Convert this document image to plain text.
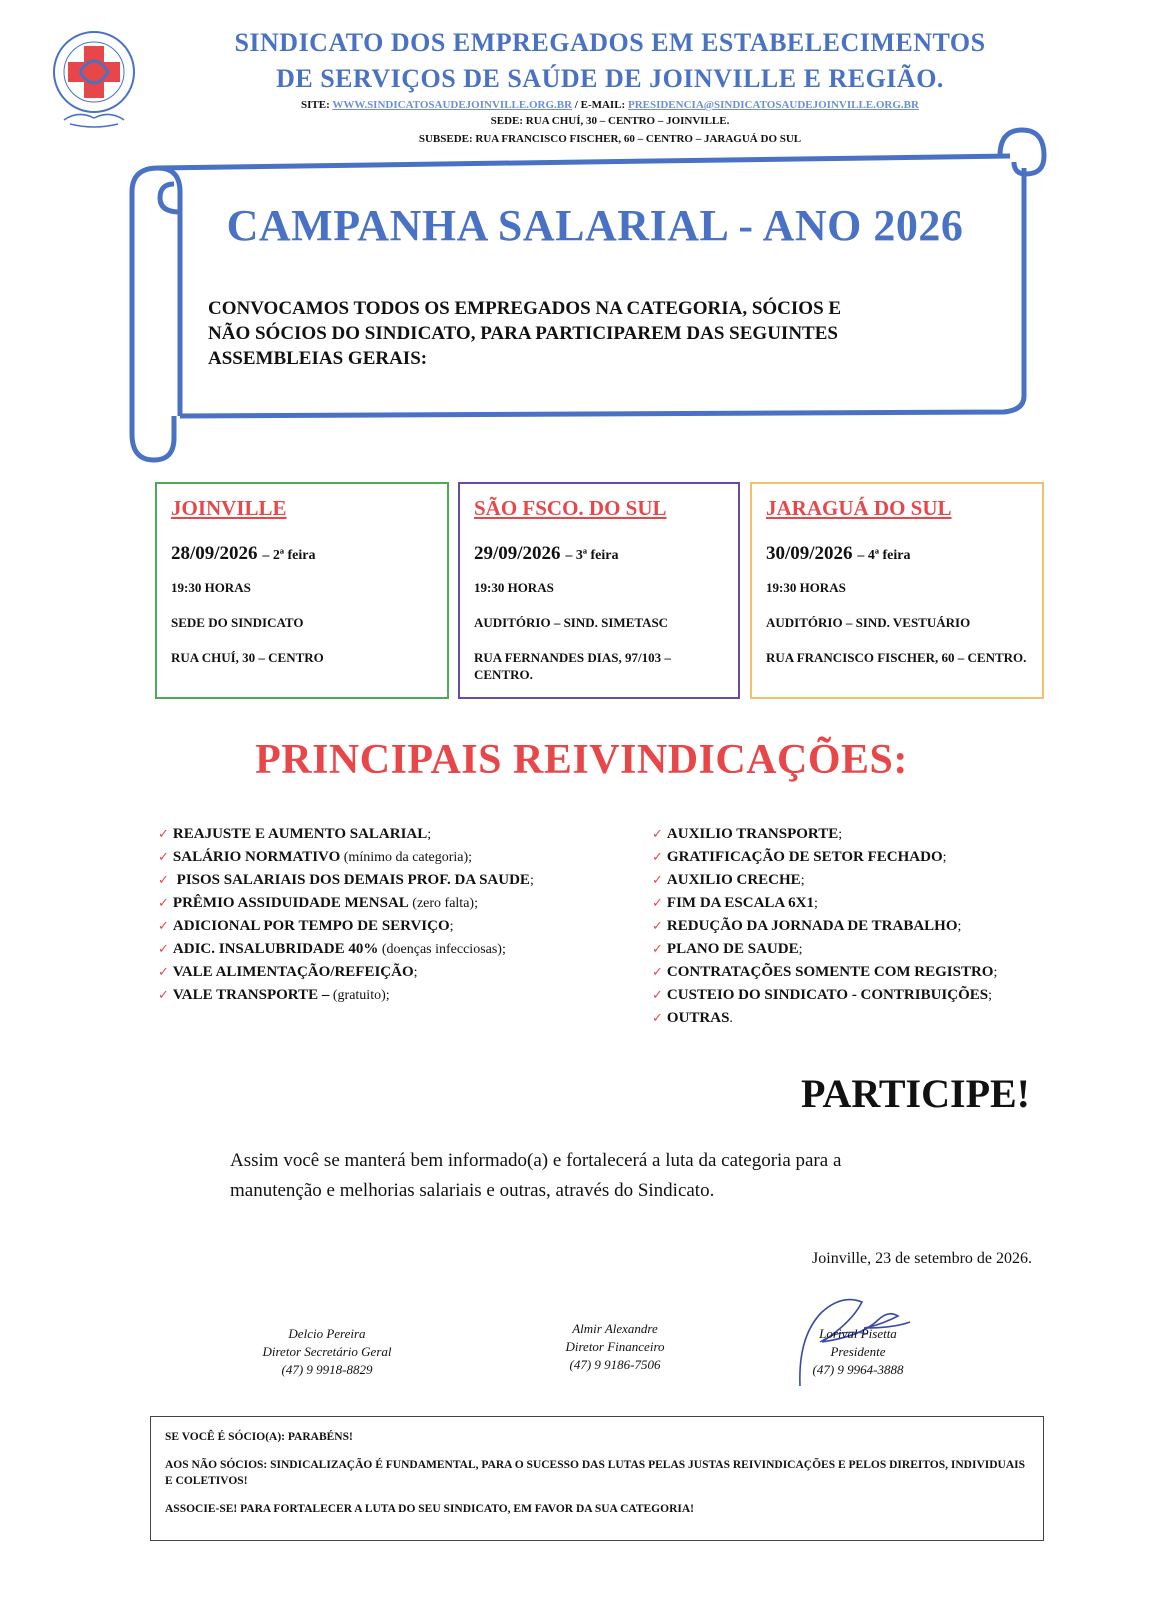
SINDICATO DOS EMPREGADOS EM ESTABELECIMENTOS
DE SERVIÇOS DE SAÚDE DE JOINVILLE E REGIÃO.
SITE: WWW.SINDICATOSAUDEJOINVILLE.ORG.BR / E-MAIL: PRESIDENCIA@SINDICATOSAUDEJOINVILLE.ORG.BR
SEDE: RUA CHUÍ, 30 – CENTRO – JOINVILLE.
SUBSEDE: RUA FRANCISCO FISCHER, 60 – CENTRO – JARAGUÁ DO SUL
CAMPANHA SALARIAL - ANO 2026
CONVOCAMOS TODOS OS EMPREGADOS NA CATEGORIA, SÓCIOS E
NÃO SÓCIOS DO SINDICATO, PARA PARTICIPAREM DAS SEGUINTES
ASSEMBLEIAS GERAIS:
JOINVILLE
28/09/2026 – 2ª feira
19:30 HORAS
SEDE DO SINDICATO
RUA CHUÍ, 30 – CENTRO
SÃO FSCO. DO SUL
29/09/2026 – 3ª feira
19:30 HORAS
AUDITÓRIO – SIND. SIMETASC
RUA FERNANDES DIAS, 97/103 – CENTRO.
JARAGUÁ DO SUL
30/09/2026 – 4ª feira
19:30 HORAS
AUDITÓRIO – SIND. VESTUÁRIO
RUA FRANCISCO FISCHER, 60 – CENTRO.
PRINCIPAIS REIVINDICAÇÕES:
✓ REAJUSTE E AUMENTO SALARIAL;
✓ SALÁRIO NORMATIVO (mínimo da categoria);
✓ PISOS SALARIAIS DOS DEMAIS PROF. DA SAUDE;
✓ PRÊMIO ASSIDUIDADE MENSAL (zero falta);
✓ ADICIONAL POR TEMPO DE SERVIÇO;
✓ ADIC. INSALUBRIDADE 40% (doenças infecciosas);
✓ VALE ALIMENTAÇÃO/REFEIÇÃO;
✓ VALE TRANSPORTE – (gratuito);
✓ AUXILIO TRANSPORTE;
✓ GRATIFICAÇÃO DE SETOR FECHADO;
✓ AUXILIO CRECHE;
✓ FIM DA ESCALA 6X1;
✓ REDUÇÃO DA JORNADA DE TRABALHO;
✓ PLANO DE SAUDE;
✓ CONTRATAÇÕES SOMENTE COM REGISTRO;
✓ CUSTEIO DO SINDICATO - CONTRIBUIÇÕES;
✓ OUTRAS.
PARTICIPE!
Assim você se manterá bem informado(a) e fortalecerá a luta da categoria para a
manutenção e melhorias salariais e outras, através do Sindicato.
Joinville, 23 de setembro de 2026.
Delcio Pereira
Diretor Secretário Geral
(47) 9 9918-8829
Almir Alexandre
Diretor Financeiro
(47) 9 9186-7506
Lorival Pisetta
Presidente
(47) 9 9964-3888

SE VOCÊ É SÓCIO(A): PARABÉNS!

AOS NÃO SÓCIOS: SINDICALIZAÇÃO É FUNDAMENTAL, PARA O SUCESSO DAS LUTAS PELAS JUSTAS REIVINDICAÇÕES E PELOS DIREITOS, INDIVIDUAIS E COLETIVOS!

ASSOCIE-SE! PARA FORTALECER A LUTA DO SEU SINDICATO, EM FAVOR DA SUA CATEGORIA!
